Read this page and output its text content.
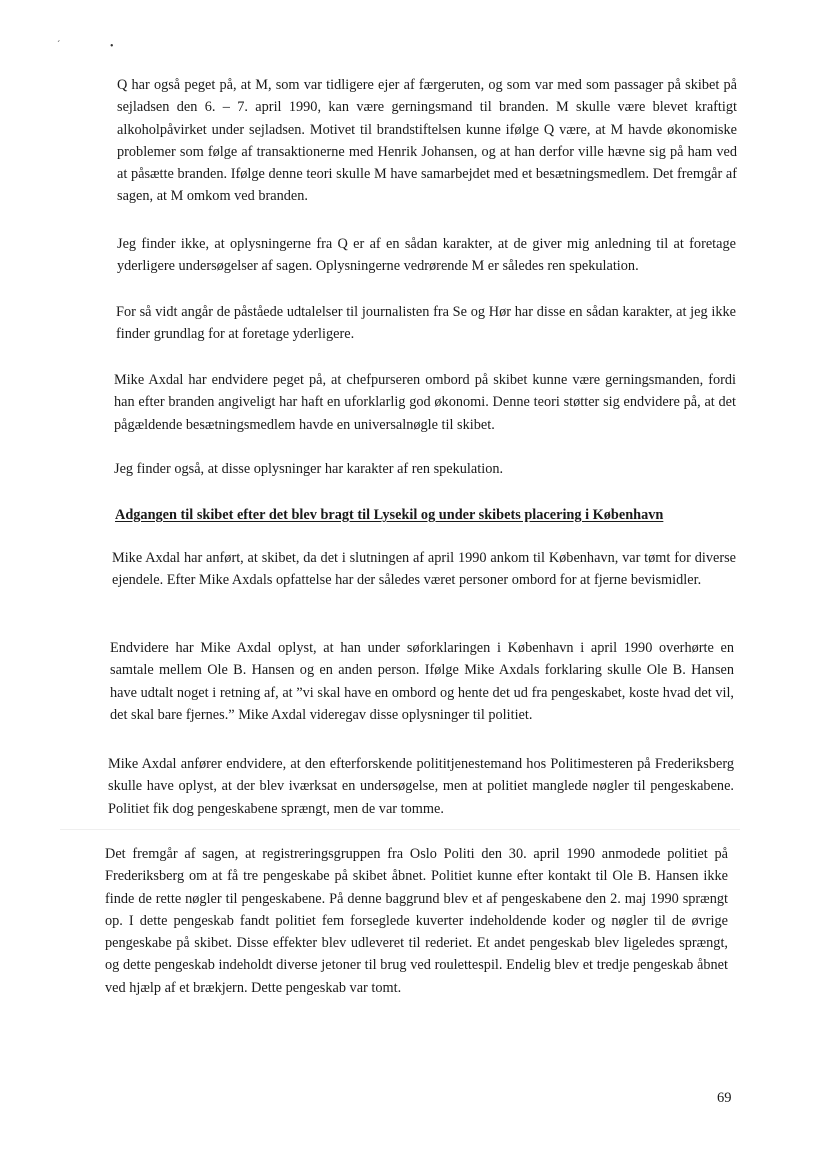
´	•

Q har også peget på, at M, som var tidligere ejer af færgeruten, og som var med som passager på skibet på sejladsen den 6. – 7. april 1990, kan være gerningsmand til branden. M skulle være blevet kraftigt alkoholpåvirket under sejladsen. Motivet til brandstiftelsen kunne ifølge Q være, at M havde økonomiske problemer som følge af transaktionerne med Henrik Johansen, og at han derfor ville hævne sig på ham ved at påsætte branden. Ifølge denne teori skulle M have samarbejdet med et besætningsmedlem. Det fremgår af sagen, at M omkom ved branden.

Jeg finder ikke, at oplysningerne fra Q er af en sådan karakter, at de giver mig anledning til at foretage yderligere undersøgelser af sagen. Oplysningerne vedrørende M er således ren spekulation.

For så vidt angår de påståede udtalelser til journalisten fra Se og Hør har disse en sådan karakter, at jeg ikke finder grundlag for at foretage yderligere.

Mike Axdal har endvidere peget på, at chefpurseren ombord på skibet kunne være gerningsmanden, fordi han efter branden angiveligt har haft en uforklarlig god økonomi. Denne teori støtter sig endvidere på, at det pågældende besætningsmedlem havde en universalnøgle til skibet.

Jeg finder også, at disse oplysninger har karakter af ren spekulation.

Adgangen til skibet efter det blev bragt til Lysekil og under skibets placering i København

Mike Axdal har anført, at skibet, da det i slutningen af april 1990 ankom til København, var tømt for diverse ejendele. Efter Mike Axdals opfattelse har der således været personer ombord for at fjerne bevismidler.

Endvidere har Mike Axdal oplyst, at han under søforklaringen i København i april 1990 overhørte en samtale mellem Ole B. Hansen og en anden person. Ifølge Mike Axdals forklaring skulle Ole B. Hansen have udtalt noget i retning af, at ”vi skal have en ombord og hente det ud fra pengeskabet, koste hvad det vil, det skal bare fjernes.” Mike Axdal videregav disse oplysninger til politiet.

Mike Axdal anfører endvidere, at den efterforskende polititjenestemand hos Politimesteren på Frederiksberg skulle have oplyst, at der blev iværksat en undersøgelse, men at politiet manglede nøgler til pengeskabene. Politiet fik dog pengeskabene sprængt, men de var tomme.

Det fremgår af sagen, at registreringsgruppen fra Oslo Politi den 30. april 1990 anmodede politiet på Frederiksberg om at få tre pengeskabe på skibet åbnet. Politiet kunne efter kontakt til Ole B. Hansen ikke finde de rette nøgler til pengeskabene. På denne baggrund blev et af pengeskabene den 2. maj 1990 sprængt op. I dette pengeskab fandt politiet fem forseglede kuverter indeholdende koder og nøgler til de øvrige pengeskabe på skibet. Disse effekter blev udleveret til rederiet. Et andet pengeskab blev ligeledes sprængt, og dette pengeskab indeholdt diverse jetoner til brug ved roulettespil. Endelig blev et tredje pengeskab åbnet ved hjælp af et brækjern. Dette pengeskab var tomt.

69
